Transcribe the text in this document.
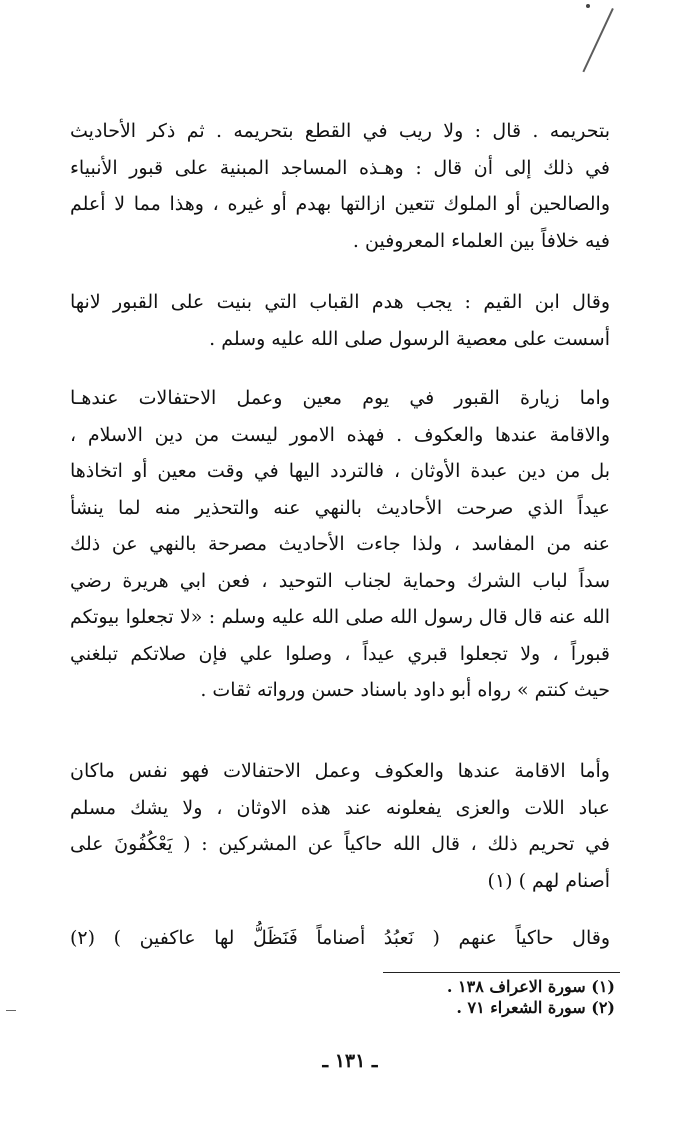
بتحريمه . قال : ولا ريب في القطع بتحريمه . ثم ذكر الأحاديث
في ذلك إلى أن قال : وهـذه المساجد المبنية على قبور الأنبياء
والصالحين أو الملوك تتعين ازالتها بهدم أو غيره ، وهذا مما لا أعلم
فيه خلافاً بين العلماء المعروفين .
وقال ابن القيم : يجب هدم القباب التي بنيت على القبور لانها
أسست على معصية الرسول صلى الله عليه وسلم .
واما زيارة القبور في يوم معين وعمل الاحتفالات عندهـا
والاقامة عندها والعكوف . فهذه الامور ليست من دين الاسلام ،
بل من دين عبدة الأوثان ، فالتردد اليها في وقت معين أو اتخاذها
عيداً الذي صرحت الأحاديث بالنهي عنه والتحذير منه لما ينشأ
عنه من المفاسد ، ولذا جاءت الأحاديث مصرحة بالنهي عن ذلك
سداً لباب الشرك وحماية لجناب التوحيد ، فعن ابي هريرة رضي
الله عنه قال قال رسول الله صلى الله عليه وسلم : «لا تجعلوا بيوتكم
قبوراً ، ولا تجعلوا قبري عيداً ، وصلوا علي فإن صلاتكم تبلغني
حيث كنتم » رواه أبو داود باسناد حسن ورواته ثقات .
وأما الاقامة عندها والعكوف وعمل الاحتفالات فهو نفس ماكان
عباد اللات والعزى يفعلونه عند هذه الاوثان ، ولا يشك مسلم
في تحريم ذلك ، قال الله حاكياً عن المشركين : ( يَعْكُفُونَ على
أصنام لهم ) (١)
وقال حاكياً عنهم ( نَعبُدُ أصناماً فَنَظَلُّ لها عاكفين ) (٢)
(١) سورة الاعراف ١٣٨ .
(٢) سورة الشعراء ٧١ .
ـ ١٣١ ـ
